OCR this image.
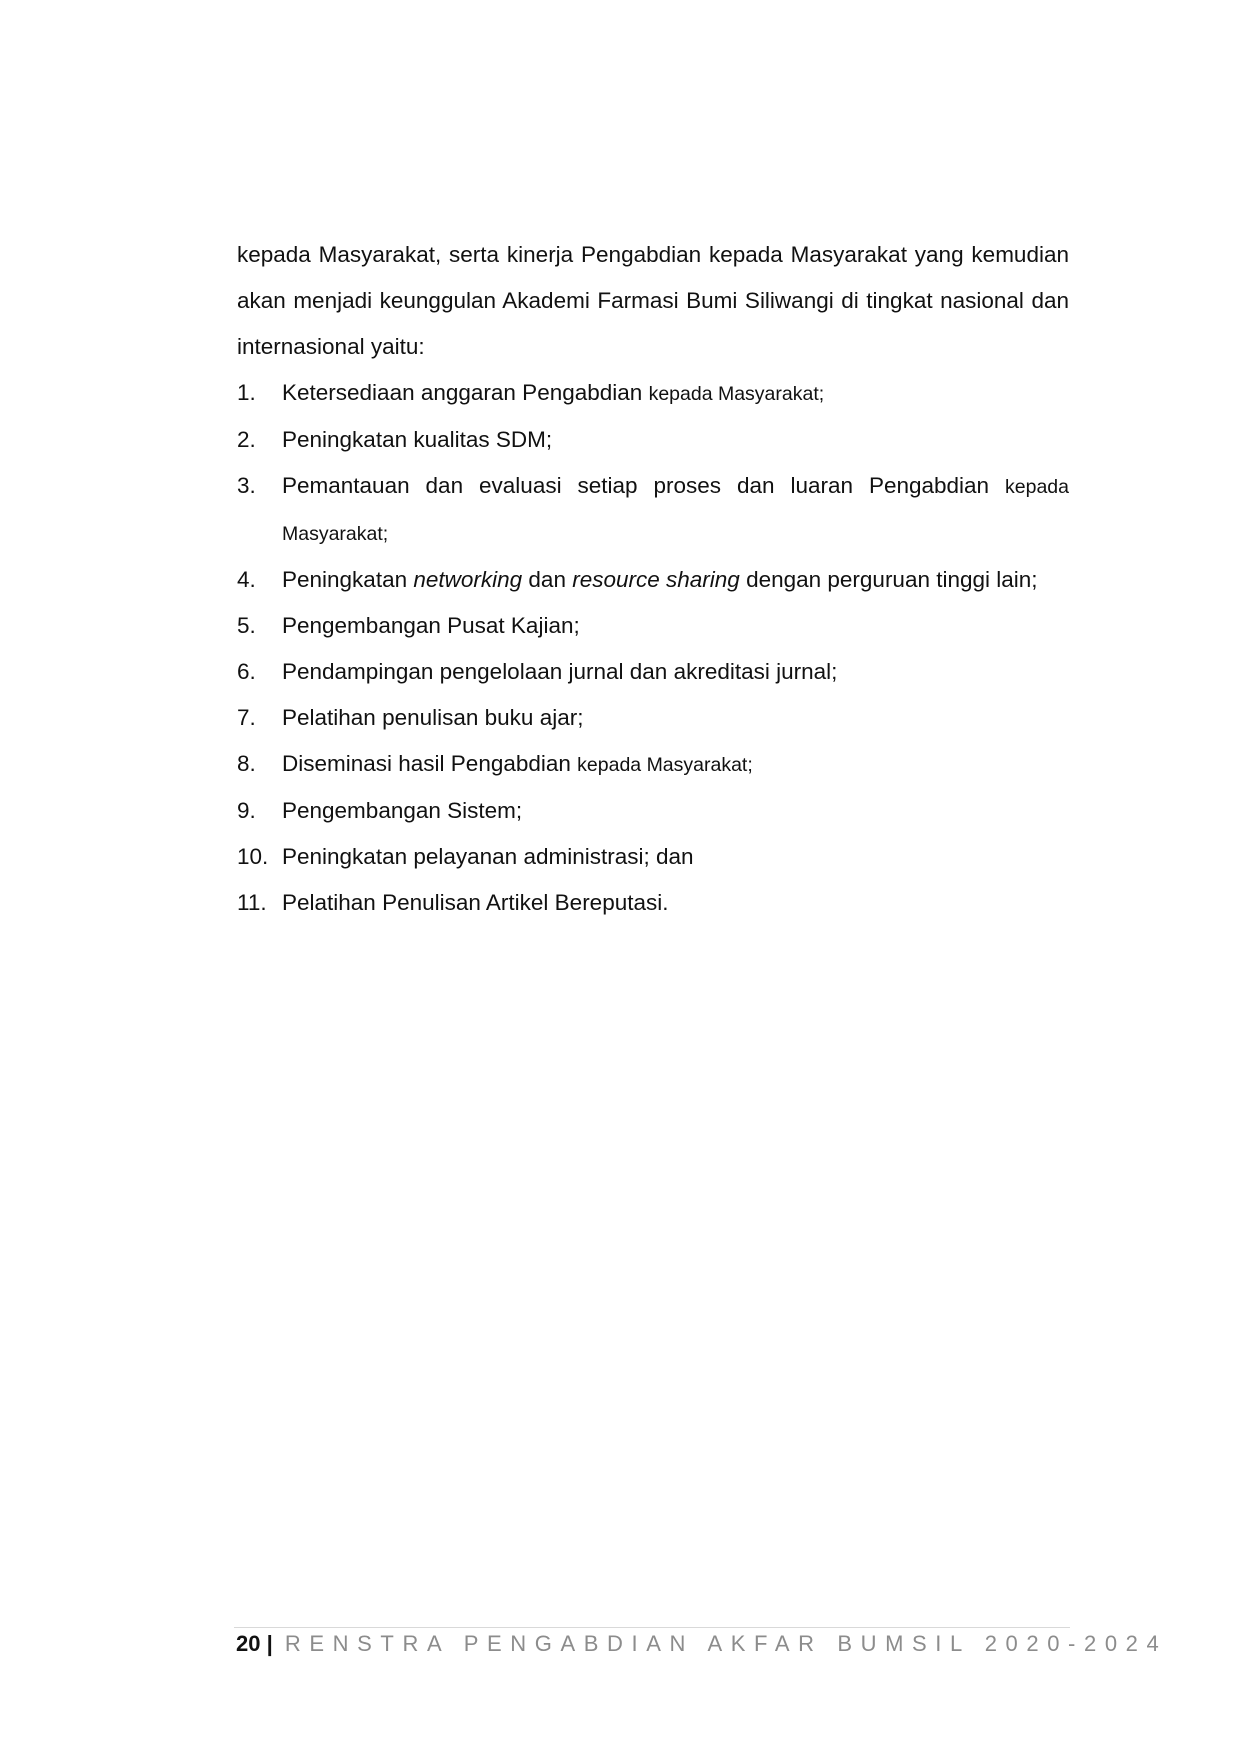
kepada Masyarakat, serta kinerja Pengabdian kepada Masyarakat yang kemudian akan menjadi keunggulan Akademi Farmasi Bumi Siliwangi di tingkat nasional dan internasional yaitu:

1. Ketersediaan anggaran Pengabdian kepada Masyarakat;
2. Peningkatan kualitas SDM;
3. Pemantauan dan evaluasi setiap proses dan luaran Pengabdian kepada Masyarakat;
4. Peningkatan networking dan resource sharing dengan perguruan tinggi lain;
5. Pengembangan Pusat Kajian;
6. Pendampingan pengelolaan jurnal dan akreditasi jurnal;
7. Pelatihan penulisan buku ajar;
8. Diseminasi hasil Pengabdian kepada Masyarakat;
9. Pengembangan Sistem;
10. Peningkatan pelayanan administrasi; dan
11. Pelatihan Penulisan Artikel Bereputasi.
20 | RENSTRA PENGABDIAN AKFAR BUMSIL 2020-2024
